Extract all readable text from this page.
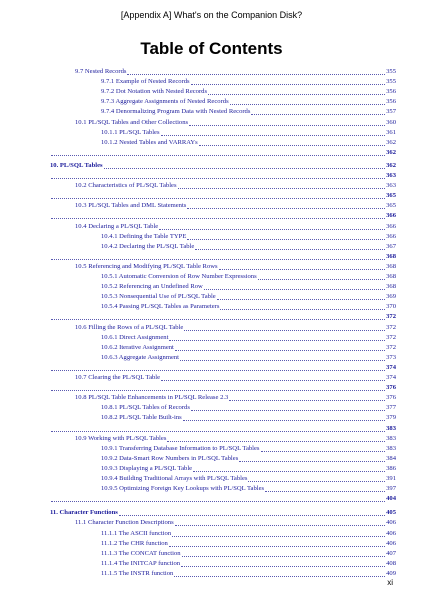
[Appendix A] What's on the Companion Disk?
Table of Contents
9.7 Nested Records	355
9.7.1 Example of Nested Records	355
9.7.2 Dot Notation with Nested Records	356
9.7.3 Aggregate Assignments of Nested Records	356
9.7.4 Denormalizing Program Data with Nested Records	357
10.1 PL/SQL Tables and Other Collections	360
10.1.1 PL/SQL Tables	361
10.1.2 Nested Tables and VARRAYs	362
362
10. PL/SQL Tables	362
363
10.2 Characteristics of PL/SQL Tables	363
365
10.3 PL/SQL Tables and DML Statements	365
366
10.4 Declaring a PL/SQL Table	366
10.4.1 Defining the Table TYPE	366
10.4.2 Declaring the PL/SQL Table	367
368
10.5 Referencing and Modifying PL/SQL Table Rows	368
10.5.1 Automatic Conversion of Row Number Expressions	368
10.5.2 Referencing an Undefined Row	368
10.5.3 Nonsequential Use of PL/SQL Table	369
10.5.4 Passing PL/SQL Tables as Parameters	370
372
10.6 Filling the Rows of a PL/SQL Table	372
10.6.1 Direct Assignment	372
10.6.2 Iterative Assignment	372
10.6.3 Aggregate Assignment	373
374
10.7 Clearing the PL/SQL Table	374
376
10.8 PL/SQL Table Enhancements in PL/SQL Release 2.3	376
10.8.1 PL/SQL Tables of Records	377
10.8.2 PL/SQL Table Built-ins	379
383
10.9 Working with PL/SQL Tables	383
10.9.1 Transferring Database Information to PL/SQL Tables	383
10.9.2 Data-Smart Row Numbers in PL/SQL Tables	384
10.9.3 Displaying a PL/SQL Table	386
10.9.4 Building Traditional Arrays with PL/SQL Tables	391
10.9.5 Optimizing Foreign Key Lookups with PL/SQL Tables	397
404
11. Character Functions	405
11.1 Character Function Descriptions	406
11.1.1 The ASCII function	406
11.1.2 The CHR function	406
11.1.3 The CONCAT function	407
11.1.4 The INITCAP function	408
11.1.5 The INSTR function	409
xi
